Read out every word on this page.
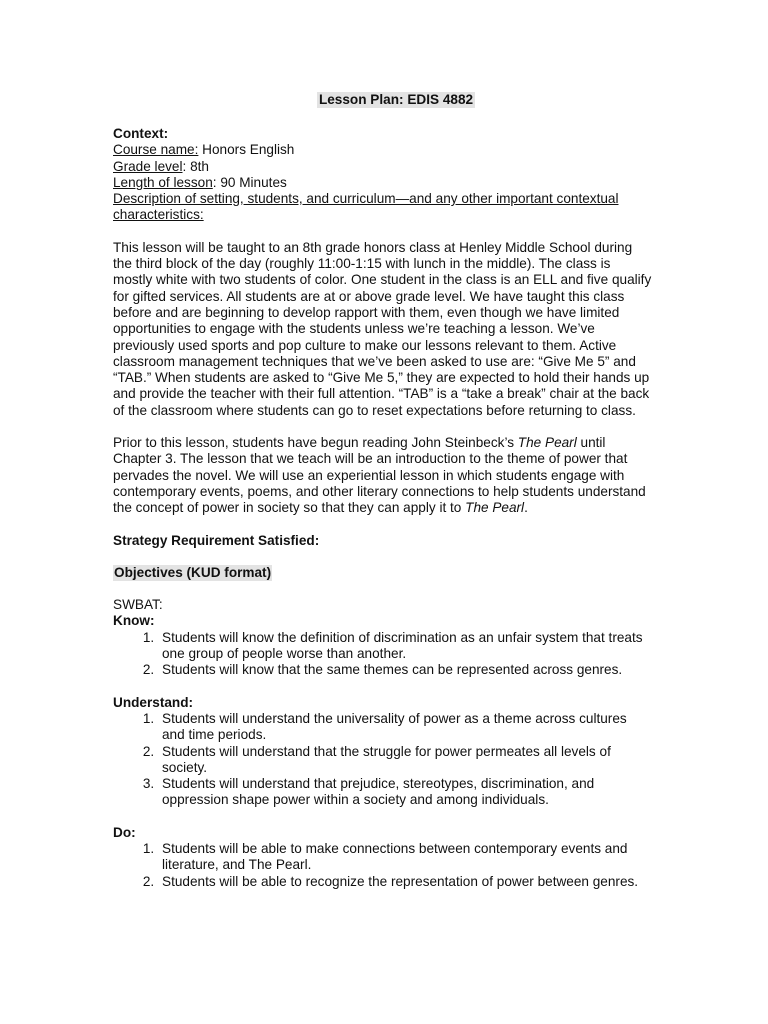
Lesson Plan: EDIS 4882
Context:
Course name: Honors English
Grade level: 8th
Length of lesson: 90 Minutes
Description of setting, students, and curriculum—and any other important contextual characteristics:

This lesson will be taught to an 8th grade honors class at Henley Middle School during the third block of the day (roughly 11:00-1:15 with lunch in the middle). The class is mostly white with two students of color. One student in the class is an ELL and five qualify for gifted services. All students are at or above grade level. We have taught this class before and are beginning to develop rapport with them, even though we have limited opportunities to engage with the students unless we’re teaching a lesson. We’ve previously used sports and pop culture to make our lessons relevant to them. Active classroom management techniques that we’ve been asked to use are: “Give Me 5” and “TAB.” When students are asked to “Give Me 5,” they are expected to hold their hands up and provide the teacher with their full attention. “TAB” is a “take a break” chair at the back of the classroom where students can go to reset expectations before returning to class.

Prior to this lesson, students have begun reading John Steinbeck’s The Pearl until Chapter 3. The lesson that we teach will be an introduction to the theme of power that pervades the novel. We will use an experiential lesson in which students engage with contemporary events, poems, and other literary connections to help students understand the concept of power in society so that they can apply it to The Pearl.

Strategy Requirement Satisfied:

Objectives (KUD format)

SWBAT:

Know:
1. Students will know the definition of discrimination as an unfair system that treats one group of people worse than another.
2. Students will know that the same themes can be represented across genres.
Understand:
1. Students will understand the universality of power as a theme across cultures and time periods.
2. Students will understand that the struggle for power permeates all levels of society.
3. Students will understand that prejudice, stereotypes, discrimination, and oppression shape power within a society and among individuals.
Do:
1. Students will be able to make connections between contemporary events and literature, and The Pearl.
2. Students will be able to recognize the representation of power between genres.
